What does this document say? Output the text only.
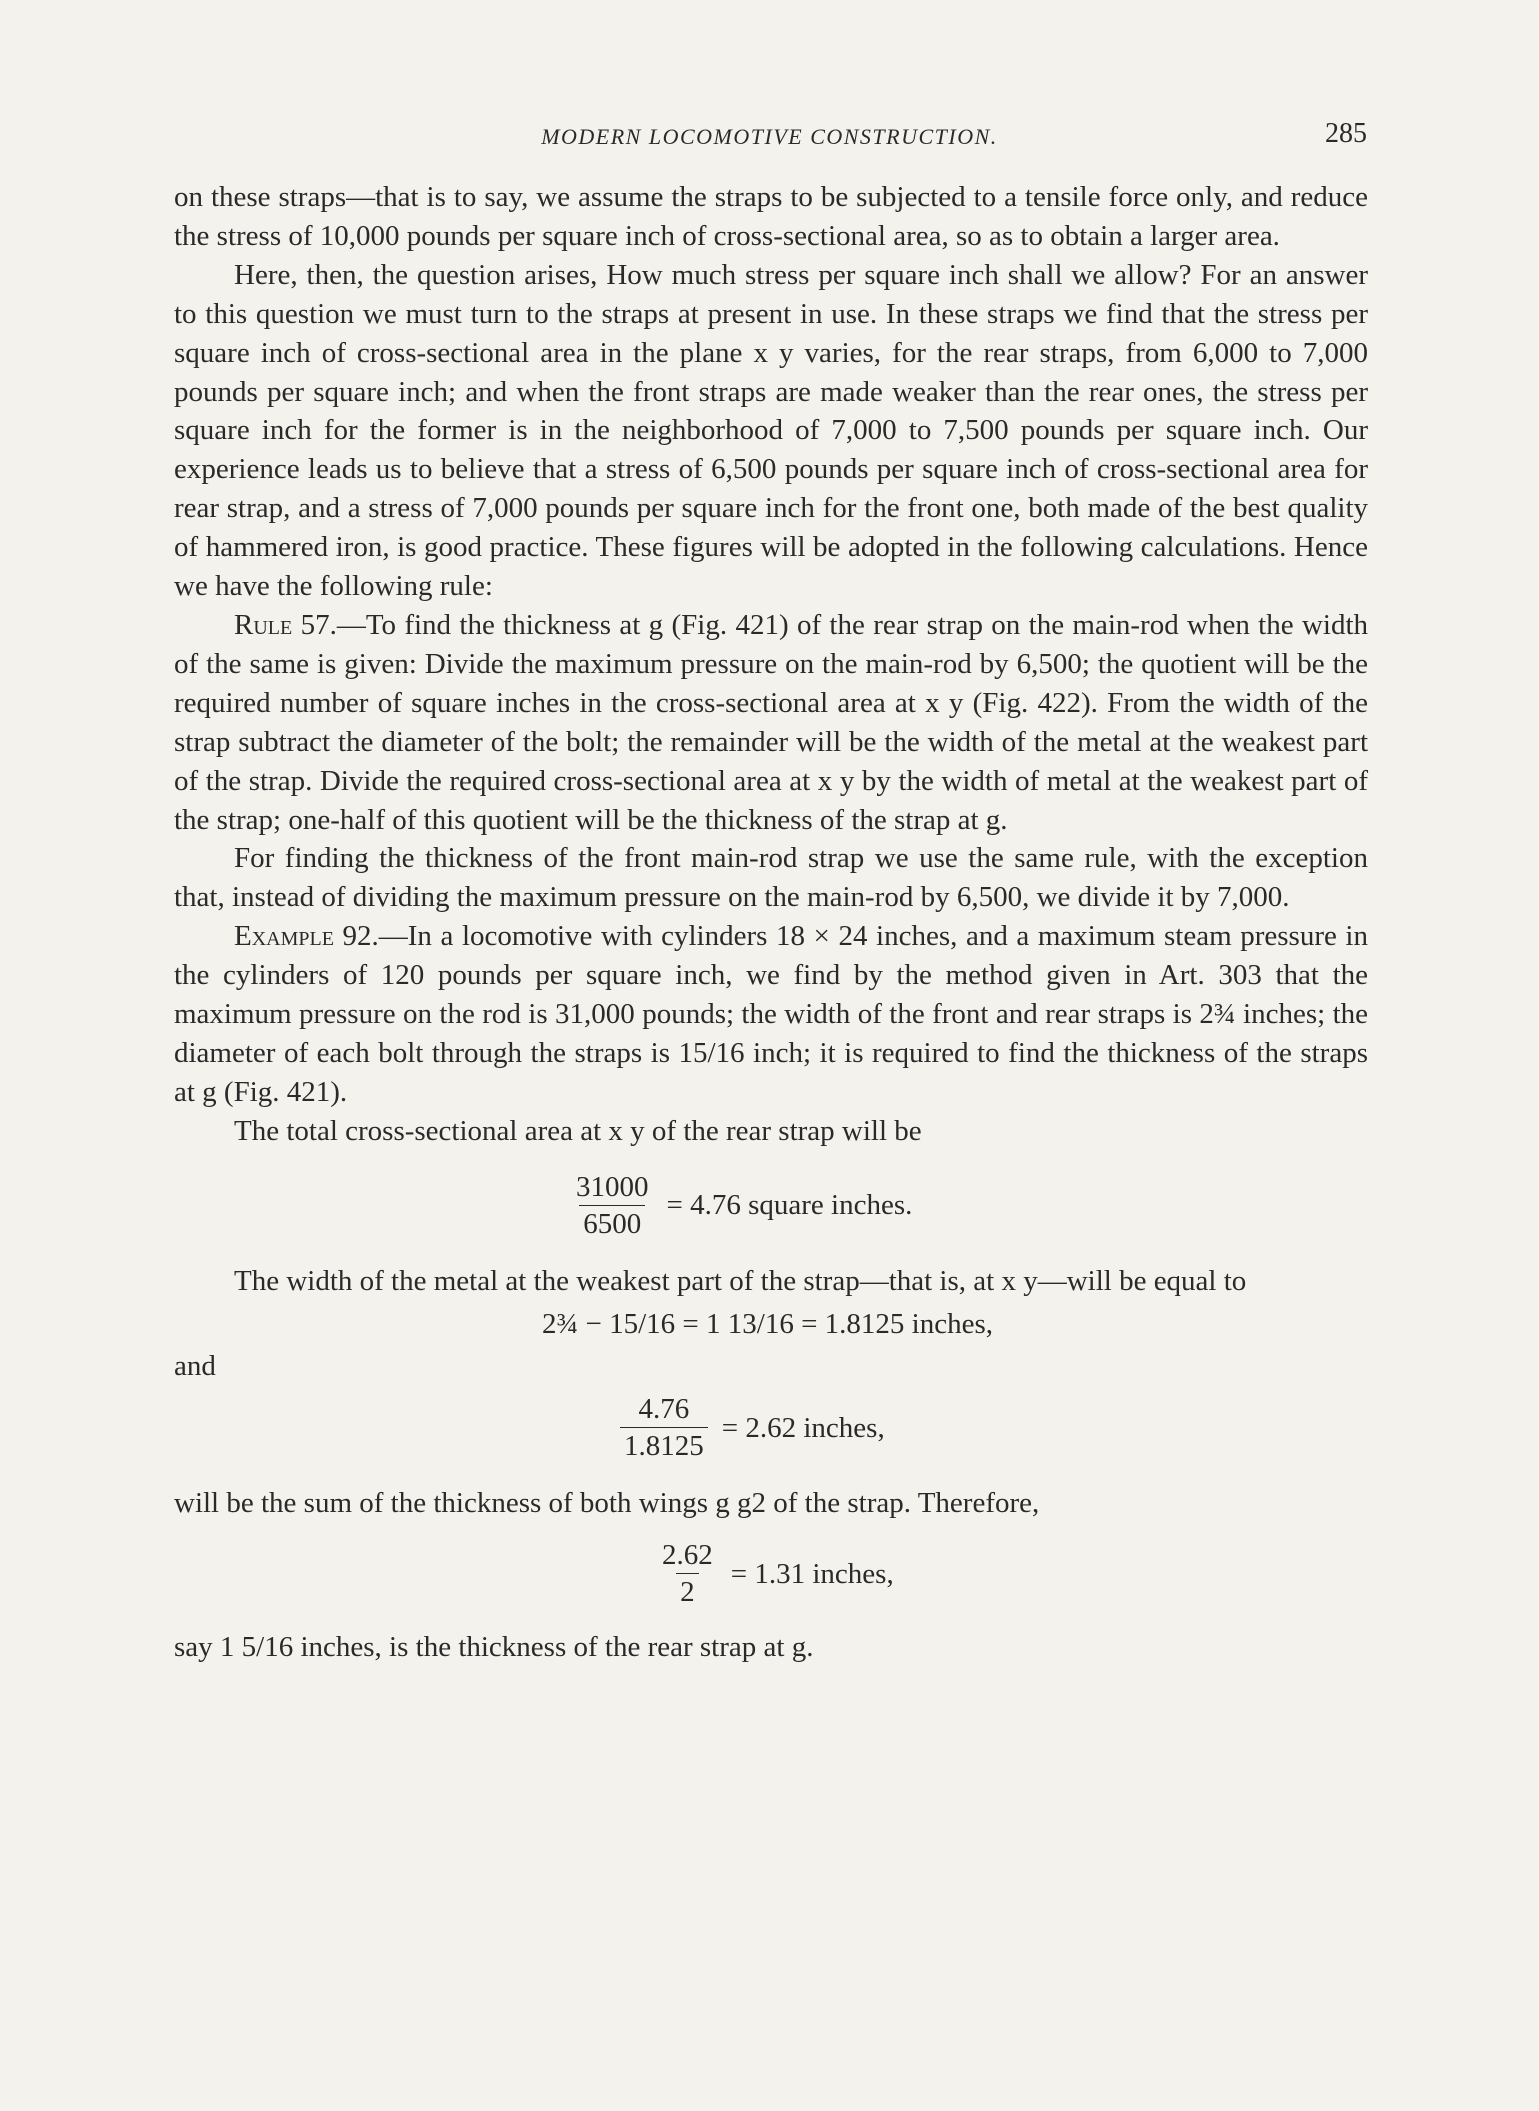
MODERN LOCOMOTIVE CONSTRUCTION.	285

on these straps—that is to say, we assume the straps to be subjected to a tensile force only, and reduce the stress of 10,000 pounds per square inch of cross-sectional area, so as to obtain a larger area.

Here, then, the question arises, How much stress per square inch shall we allow? For an answer to this question we must turn to the straps at present in use. In these straps we find that the stress per square inch of cross-sectional area in the plane x y varies, for the rear straps, from 6,000 to 7,000 pounds per square inch; and when the front straps are made weaker than the rear ones, the stress per square inch for the former is in the neighborhood of 7,000 to 7,500 pounds per square inch. Our experience leads us to believe that a stress of 6,500 pounds per square inch of cross-sectional area for rear strap, and a stress of 7,000 pounds per square inch for the front one, both made of the best quality of hammered iron, is good practice. These figures will be adopted in the following calculations. Hence we have the following rule:

Rule 57.—To find the thickness at g (Fig. 421) of the rear strap on the main-rod when the width of the same is given: Divide the maximum pressure on the main-rod by 6,500; the quotient will be the required number of square inches in the cross-sectional area at x y (Fig. 422). From the width of the strap subtract the diameter of the bolt; the remainder will be the width of the metal at the weakest part of the strap. Divide the required cross-sectional area at x y by the width of metal at the weakest part of the strap; one-half of this quotient will be the thickness of the strap at g.

For finding the thickness of the front main-rod strap we use the same rule, with the exception that, instead of dividing the maximum pressure on the main-rod by 6,500, we divide it by 7,000.

Example 92.—In a locomotive with cylinders 18 × 24 inches, and a maximum steam pressure in the cylinders of 120 pounds per square inch, we find by the method given in Art. 303 that the maximum pressure on the rod is 31,000 pounds; the width of the front and rear straps is 2¾ inches; the diameter of each bolt through the straps is 15/16 inch; it is required to find the thickness of the straps at g (Fig. 421).

The total cross-sectional area at x y of the rear strap will be

$\frac{31000}{6500} = 4.76$ square inches.

The width of the metal at the weakest part of the strap—that is, at x y—will be equal to

2¾ − 15/16 = 1 13/16 = 1.8125 inches,

and

$\frac{4.76}{1.8125} = 2.62$ inches,

will be the sum of the thickness of both wings g g2 of the strap. Therefore,

$\frac{2.62}{2} = 1.31$ inches,

say 1 5/16 inches, is the thickness of the rear strap at g.
